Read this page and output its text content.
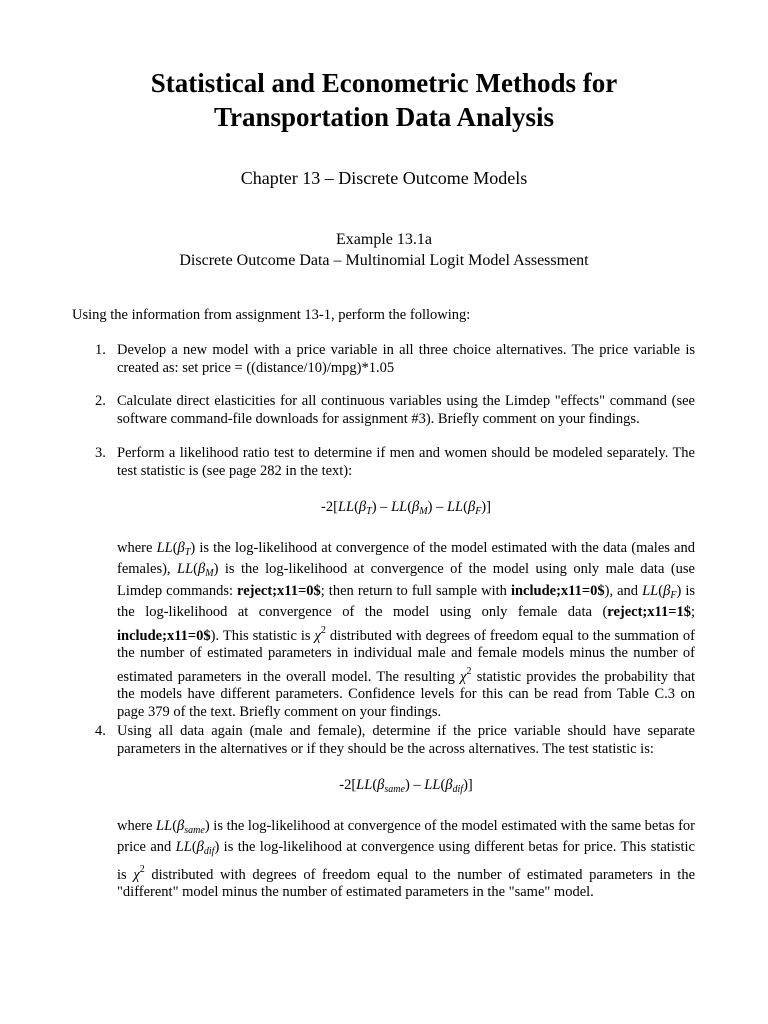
Statistical and Econometric Methods for
Transportation Data Analysis

Chapter 13 – Discrete Outcome Models

Example 13.1a
Discrete Outcome Data – Multinomial Logit Model Assessment

Using the information from assignment 13-1, perform the following:

1. Develop a new model with a price variable in all three choice alternatives. The price variable is created as: set price = ((distance/10)/mpg)*1.05
2. Calculate direct elasticities for all continuous variables using the Limdep "effects" command (see software command-file downloads for assignment #3). Briefly comment on your findings.
3. Perform a likelihood ratio test to determine if men and women should be modeled separately. The test statistic is (see page 282 in the text):

$-2[LL(\beta_T) - LL(\beta_M) - LL(\beta_F)]$

where $LL(\beta_T)$ is the log-likelihood at convergence of the model estimated with the data (males and females), $LL(\beta_M)$ is the log-likelihood at convergence of the model using only male data (use Limdep commands: reject;x11=0$; then return to full sample with include;x11=0$), and $LL(\beta_F)$ is the log-likelihood at convergence of the model using only female data (reject;x11=1$; include;x11=0$). This statistic is $\chi^2$ distributed with degrees of freedom equal to the summation of the number of estimated parameters in individual male and female models minus the number of estimated parameters in the overall model. The resulting $\chi^2$ statistic provides the probability that the models have different parameters. Confidence levels for this can be read from Table C.3 on page 379 of the text. Briefly comment on your findings.

4. Using all data again (male and female), determine if the price variable should have separate parameters in the alternatives or if they should be the across alternatives. The test statistic is:

$-2[LL(\beta_{same}) - LL(\beta_{dif})]$

where $LL(\beta_{same})$ is the log-likelihood at convergence of the model estimated with the same betas for price and $LL(\beta_{dif})$ is the log-likelihood at convergence using different betas for price. This statistic is $\chi^2$ distributed with degrees of freedom equal to the number of estimated parameters in the "different" model minus the number of estimated parameters in the "same" model.
